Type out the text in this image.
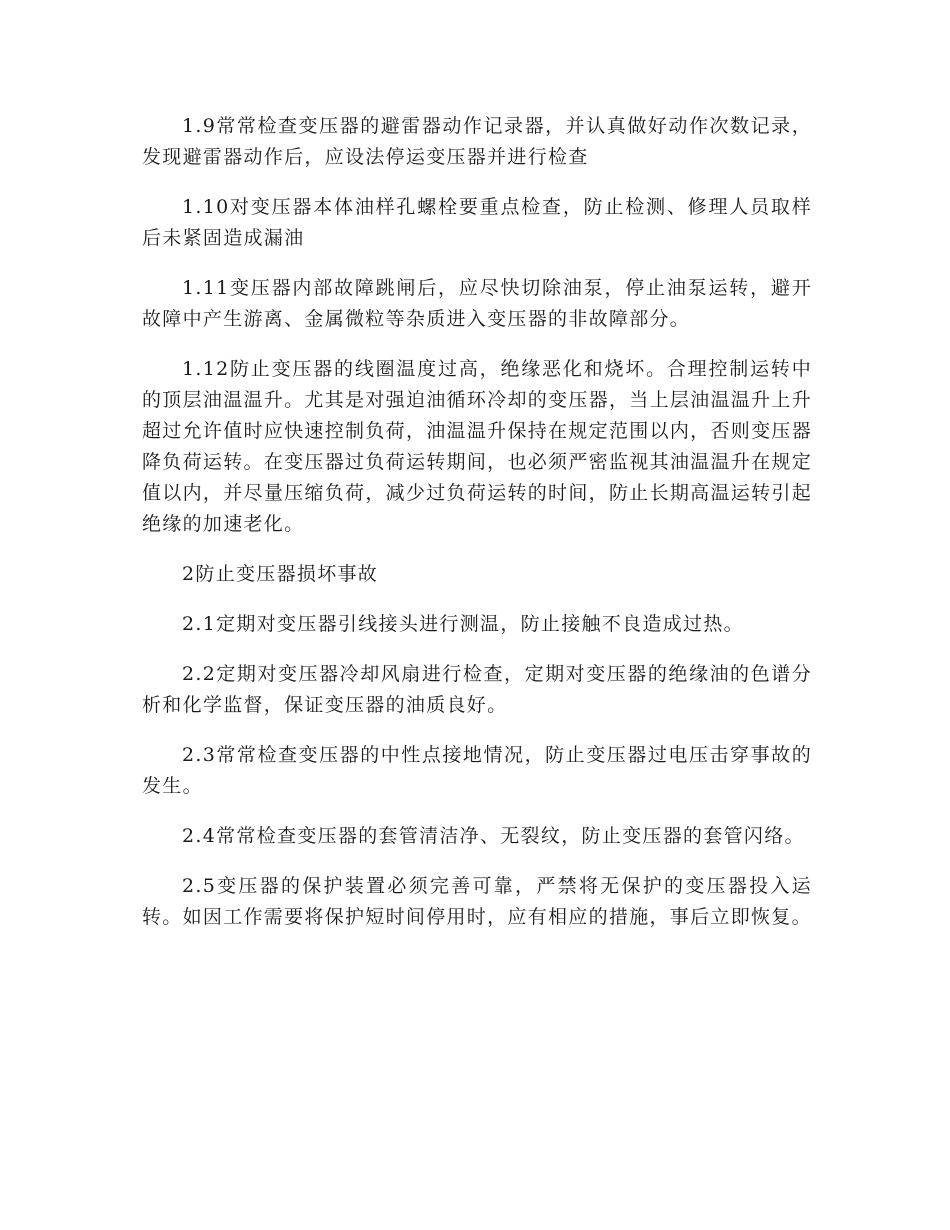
1.9常常检查变压器的避雷器动作记录器，并认真做好动作次数记录，发现避雷器动作后，应设法停运变压器并进行检查

1.10对变压器本体油样孔螺栓要重点检查，防止检测、修理人员取样后未紧固造成漏油

1.11变压器内部故障跳闸后，应尽快切除油泵，停止油泵运转，避开故障中产生游离、金属微粒等杂质进入变压器的非故障部分。

1.12防止变压器的线圈温度过高，绝缘恶化和烧坏。合理控制运转中的顶层油温温升。尤其是对强迫油循环冷却的变压器，当上层油温温升上升超过允许值时应快速控制负荷，油温温升保持在规定范围以内，否则变压器降负荷运转。在变压器过负荷运转期间，也必须严密监视其油温温升在规定值以内，并尽量压缩负荷，减少过负荷运转的时间，防止长期高温运转引起绝缘的加速老化。

2防止变压器损坏事故

2.1定期对变压器引线接头进行测温，防止接触不良造成过热。

2.2定期对变压器冷却风扇进行检查，定期对变压器的绝缘油的色谱分析和化学监督，保证变压器的油质良好。

2.3常常检查变压器的中性点接地情况，防止变压器过电压击穿事故的发生。

2.4常常检查变压器的套管清洁净、无裂纹，防止变压器的套管闪络。

2.5变压器的保护装置必须完善可靠，严禁将无保护的变压器投入运转。如因工作需要将保护短时间停用时，应有相应的措施，事后立即恢复。
